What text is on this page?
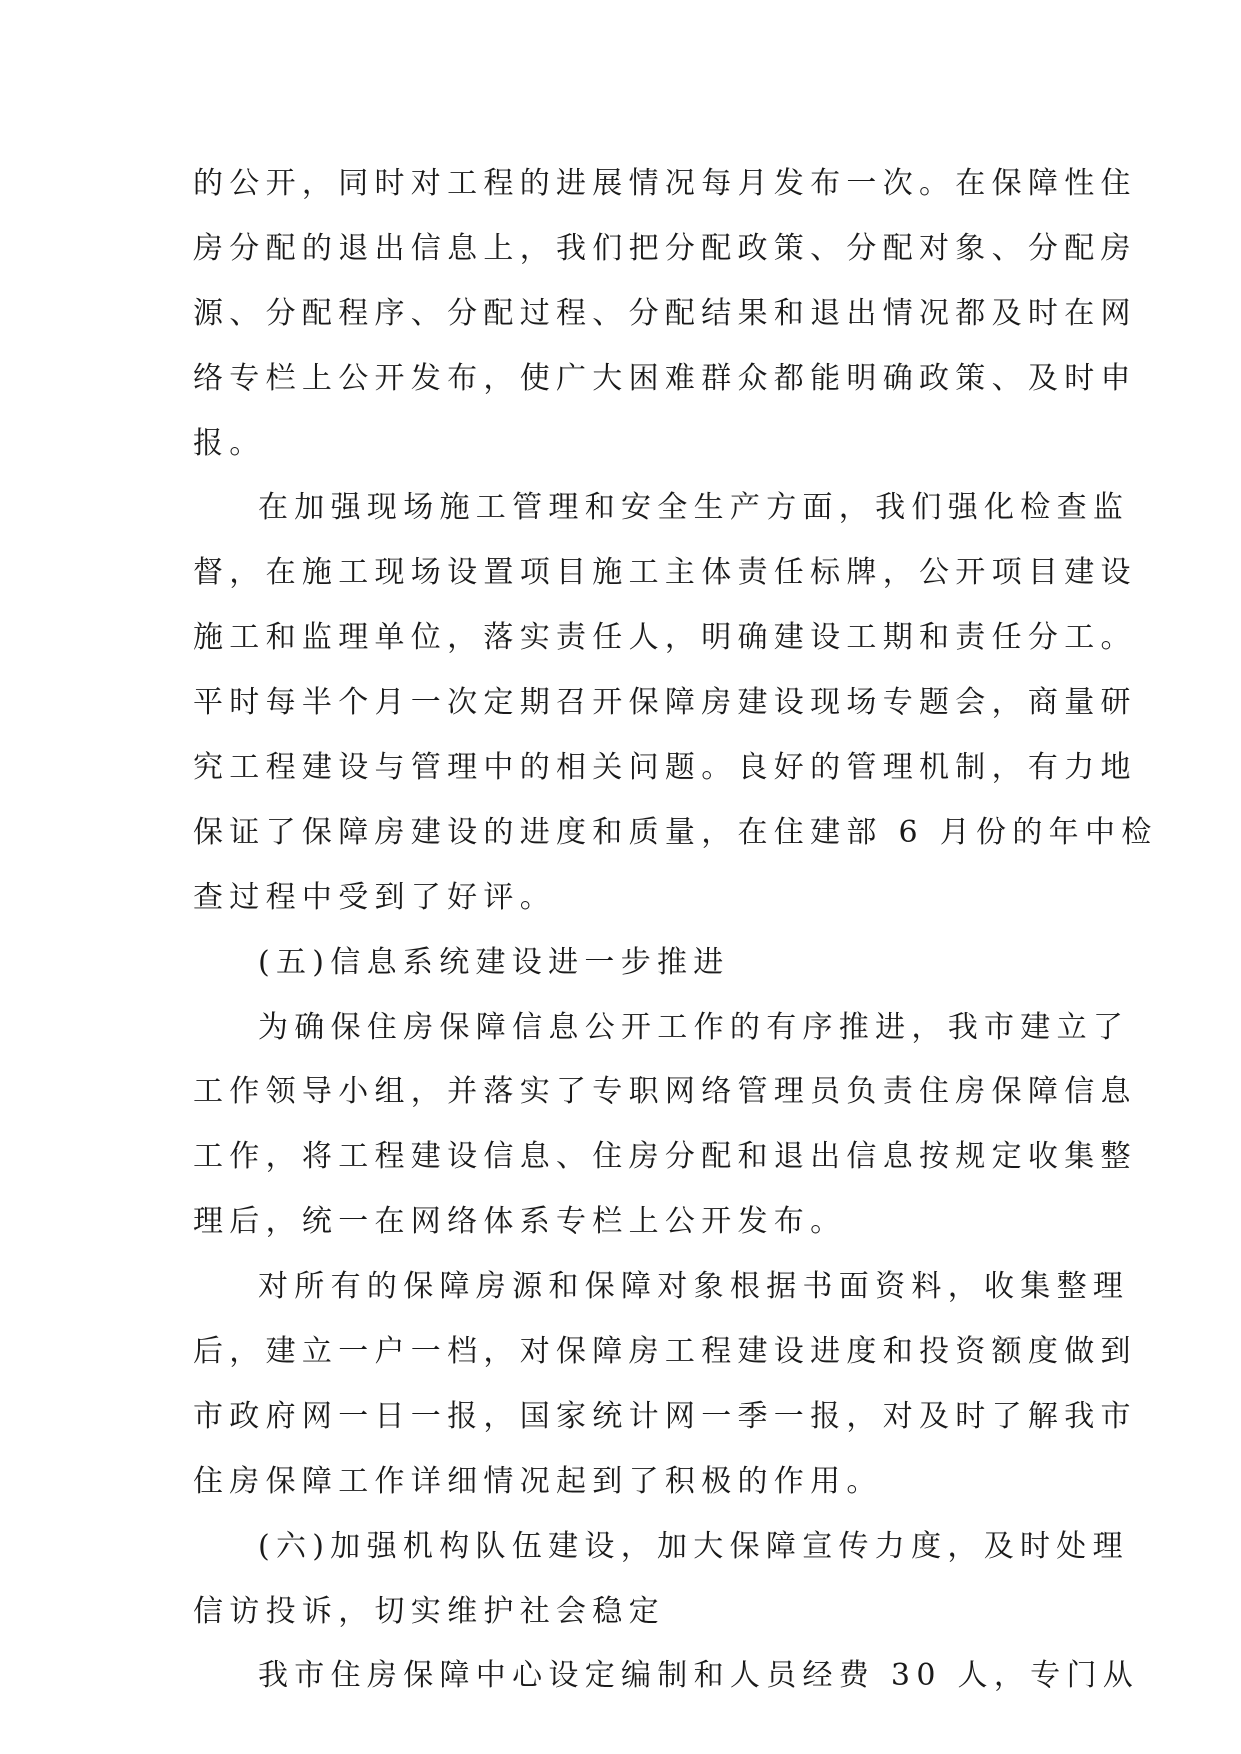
的公开，同时对工程的进展情况每月发布一次。在保障性住
房分配的退出信息上，我们把分配政策、分配对象、分配房
源、分配程序、分配过程、分配结果和退出情况都及时在网
络专栏上公开发布，使广大困难群众都能明确政策、及时申
报。
在加强现场施工管理和安全生产方面，我们强化检查监
督，在施工现场设置项目施工主体责任标牌，公开项目建设
施工和监理单位，落实责任人，明确建设工期和责任分工。
平时每半个月一次定期召开保障房建设现场专题会，商量研
究工程建设与管理中的相关问题。良好的管理机制，有力地
保证了保障房建设的进度和质量，在住建部 6 月份的年中检
查过程中受到了好评。
(五)信息系统建设进一步推进
为确保住房保障信息公开工作的有序推进，我市建立了
工作领导小组，并落实了专职网络管理员负责住房保障信息
工作，将工程建设信息、住房分配和退出信息按规定收集整
理后，统一在网络体系专栏上公开发布。
对所有的保障房源和保障对象根据书面资料，收集整理
后，建立一户一档，对保障房工程建设进度和投资额度做到
市政府网一日一报，国家统计网一季一报，对及时了解我市
住房保障工作详细情况起到了积极的作用。
(六)加强机构队伍建设，加大保障宣传力度，及时处理
信访投诉，切实维护社会稳定
我市住房保障中心设定编制和人员经费 30 人，专门从
